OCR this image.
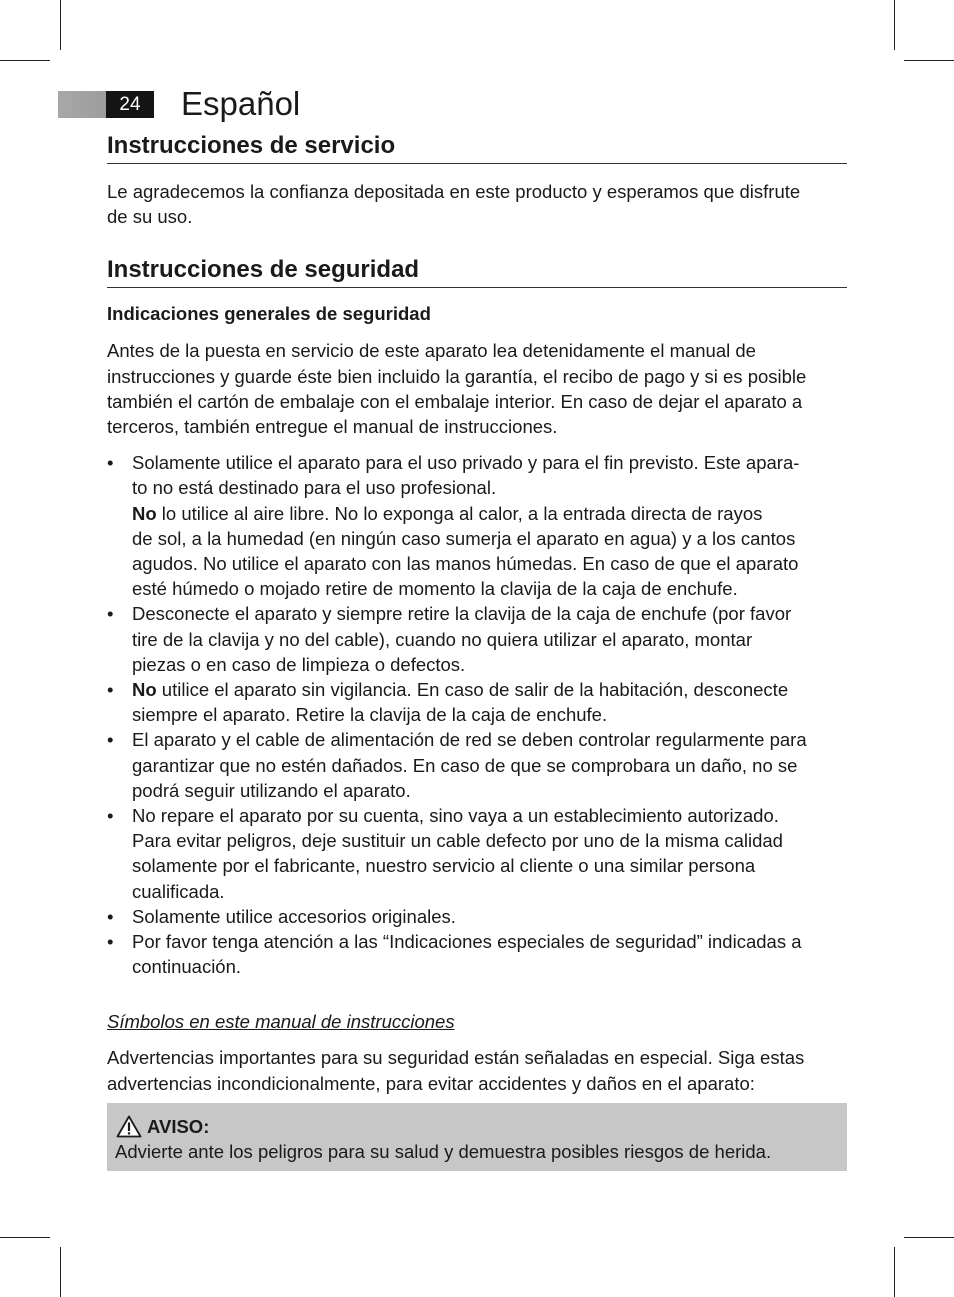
24	Español
Instrucciones de servicio

Le agradecemos la confianza depositada en este producto y esperamos que disfrute
de su uso.

Instrucciones de seguridad
Indicaciones generales de seguridad

Antes de la puesta en servicio de este aparato lea detenidamente el manual de
instrucciones y guarde éste bien incluido la garantía, el recibo de pago y si es posible
también el cartón de embalaje con el embalaje interior. En caso de dejar el aparato a
terceros, también entregue el manual de instrucciones.

• Solamente utilice el aparato para el uso privado y para el fin previsto. Este apara-
to no está destinado para el uso profesional.
No lo utilice al aire libre. No lo exponga al calor, a la entrada directa de rayos
de sol, a la humedad (en ningún caso sumerja el aparato en agua) y a los cantos
agudos. No utilice el aparato con las manos húmedas. En caso de que el aparato
esté húmedo o mojado retire de momento la clavija de la caja de enchufe.
• Desconecte el aparato y siempre retire la clavija de la caja de enchufe (por favor
tire de la clavija y no del cable), cuando no quiera utilizar el aparato, montar
piezas o en caso de limpieza o defectos.
• No utilice el aparato sin vigilancia. En caso de salir de la habitación, desconecte
siempre el aparato. Retire la clavija de la caja de enchufe.
• El aparato y el cable de alimentación de red se deben controlar regularmente para
garantizar que no estén dañados. En caso de que se comprobara un daño, no se
podrá seguir utilizando el aparato.
• No repare el aparato por su cuenta, sino vaya a un establecimiento autorizado.
Para evitar peligros, deje sustituir un cable defecto por uno de la misma calidad
solamente por el fabricante, nuestro servicio al cliente o una similar persona
cualificada.
• Solamente utilice accesorios originales.
• Por favor tenga atención a las “Indicaciones especiales de seguridad” indicadas a
continuación.
Símbolos en este manual de instrucciones

Advertencias importantes para su seguridad están señaladas en especial. Siga estas
advertencias incondicionalmente, para evitar accidentes y daños en el aparato:

AVISO:
Advierte ante los peligros para su salud y demuestra posibles riesgos de herida.
